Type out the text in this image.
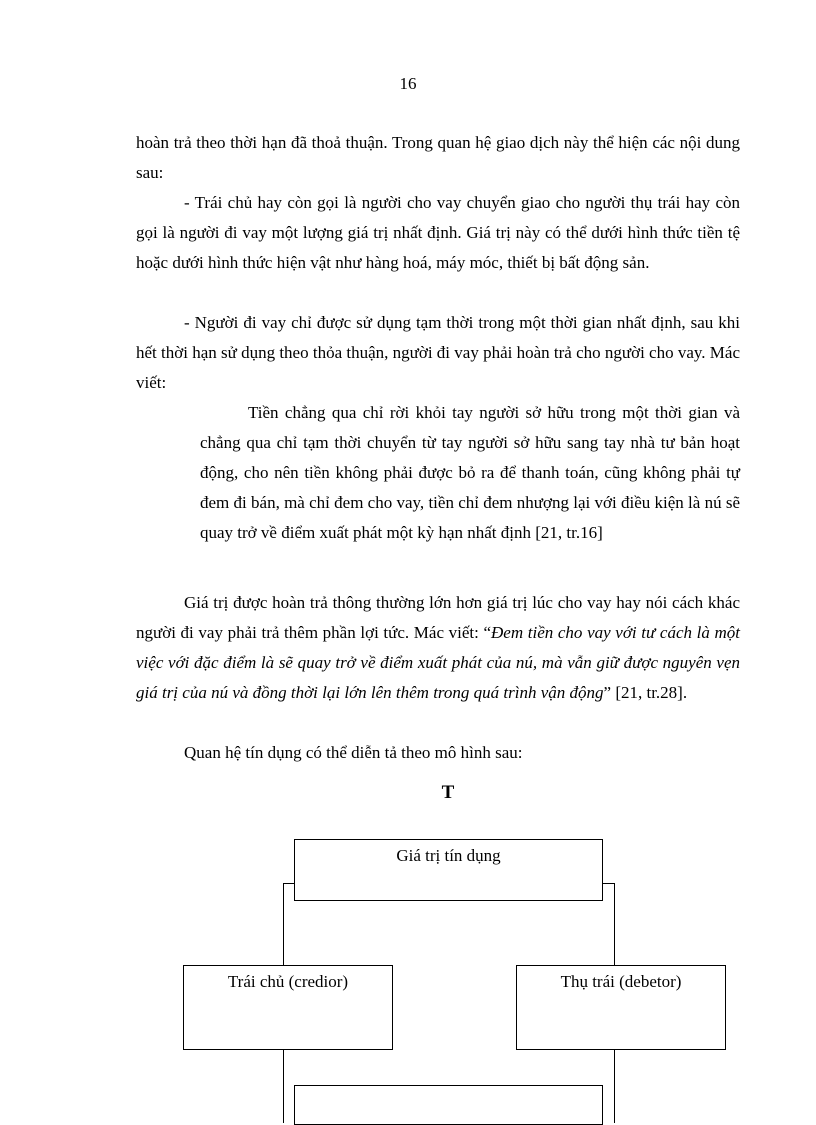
16

hoàn trả theo thời hạn đã thoả thuận. Trong quan hệ giao dịch này thể hiện các nội dung sau:

- Trái chủ hay còn gọi là người cho vay chuyển giao cho người thụ trái hay còn gọi là người đi vay một lượng giá trị nhất định. Giá trị này có thể dưới hình thức tiền tệ hoặc dưới hình thức hiện vật như hàng hoá, máy móc, thiết bị bất động sản.

- Người đi vay chỉ được sử dụng tạm thời trong một thời gian nhất định, sau khi hết thời hạn sử dụng theo thỏa thuận, người đi vay phải hoàn trả cho người cho vay. Mác viết:

Tiền chẳng qua chỉ rời khỏi tay người sở hữu trong một thời gian và chẳng qua chỉ tạm thời chuyển từ tay người sở hữu sang tay nhà tư bản hoạt động, cho nên tiền không phải được bỏ ra để thanh toán, cũng không phải tự đem đi bán, mà chỉ đem cho vay, tiền chỉ đem nhượng lại với điều kiện là nú sẽ quay trở về điểm xuất phát một kỳ hạn nhất định [21, tr.16]

Giá trị được hoàn trả thông thường lớn hơn giá trị lúc cho vay hay nói cách khác người đi vay phải trả thêm phần lợi tức. Mác viết: “Đem tiền cho vay với tư cách là một việc với đặc điểm là sẽ quay trở về điểm xuất phát của nú, mà vẫn giữ được nguyên vẹn giá trị của nú và đồng thời lại lớn lên thêm trong quá trình vận động” [21, tr.28].

Quan hệ tín dụng có thể diễn tả theo mô hình sau:

T
Giá trị tín dụng
Trái chủ (credior)	Thụ trái (debetor)
